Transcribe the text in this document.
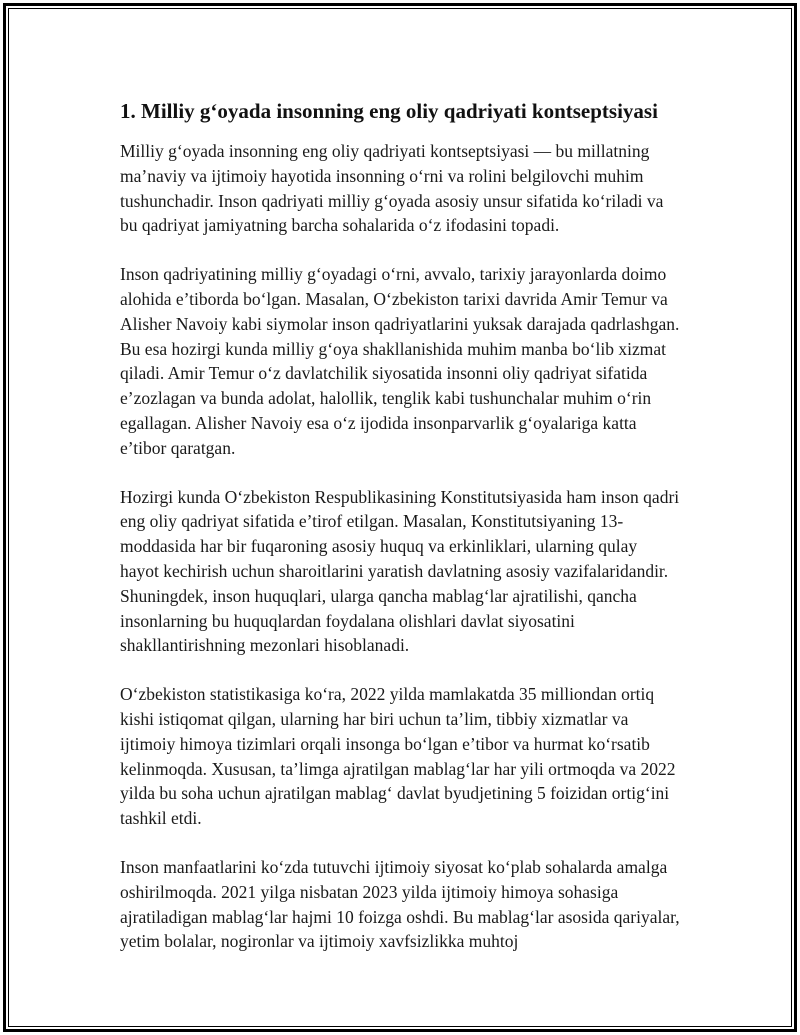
1. Milliy g‘oyada insonning eng oliy qadriyati kontseptsiyasi

Milliy g‘oyada insonning eng oliy qadriyati kontseptsiyasi — bu millatning ma’naviy va ijtimoiy hayotida insonning o‘rni va rolini belgilovchi muhim tushunchadir. Inson qadriyati milliy g‘oyada asosiy unsur sifatida ko‘riladi va bu qadriyat jamiyatning barcha sohalarida o‘z ifodasini topadi.

Inson qadriyatining milliy g‘oyadagi o‘rni, avvalo, tarixiy jarayonlarda doimo alohida e’tiborda bo‘lgan. Masalan, O‘zbekiston tarixi davrida Amir Temur va Alisher Navoiy kabi siymolar inson qadriyatlarini yuksak darajada qadrlashgan. Bu esa hozirgi kunda milliy g‘oya shakllanishida muhim manba bo‘lib xizmat qiladi. Amir Temur o‘z davlatchilik siyosatida insonni oliy qadriyat sifatida e’zozlagan va bunda adolat, halollik, tenglik kabi tushunchalar muhim o‘rin egallagan. Alisher Navoiy esa o‘z ijodida insonparvarlik g‘oyalariga katta e’tibor qaratgan.

Hozirgi kunda O‘zbekiston Respublikasining Konstitutsiyasida ham inson qadri eng oliy qadriyat sifatida e’tirof etilgan. Masalan, Konstitutsiyaning 13-moddasida har bir fuqaroning asosiy huquq va erkinliklari, ularning qulay hayot kechirish uchun sharoitlarini yaratish davlatning asosiy vazifalaridandir. Shuningdek, inson huquqlari, ularga qancha mablag‘lar ajratilishi, qancha insonlarning bu huquqlardan foydalana olishlari davlat siyosatini shakllantirishning mezonlari hisoblanadi.

O‘zbekiston statistikasiga ko‘ra, 2022 yilda mamlakatda 35 milliondan ortiq kishi istiqomat qilgan, ularning har biri uchun ta’lim, tibbiy xizmatlar va ijtimoiy himoya tizimlari orqali insonga bo‘lgan e’tibor va hurmat ko‘rsatib kelinmoqda. Xususan, ta’limga ajratilgan mablag‘lar har yili ortmoqda va 2022 yilda bu soha uchun ajratilgan mablag‘ davlat byudjetining 5 foizidan ortig‘ini tashkil etdi.

Inson manfaatlarini ko‘zda tutuvchi ijtimoiy siyosat ko‘plab sohalarda amalga oshirilmoqda. 2021 yilga nisbatan 2023 yilda ijtimoiy himoya sohasiga ajratiladigan mablag‘lar hajmi 10 foizga oshdi. Bu mablag‘lar asosida qariyalar, yetim bolalar, nogironlar va ijtimoiy xavfsizlikka muhtoj
